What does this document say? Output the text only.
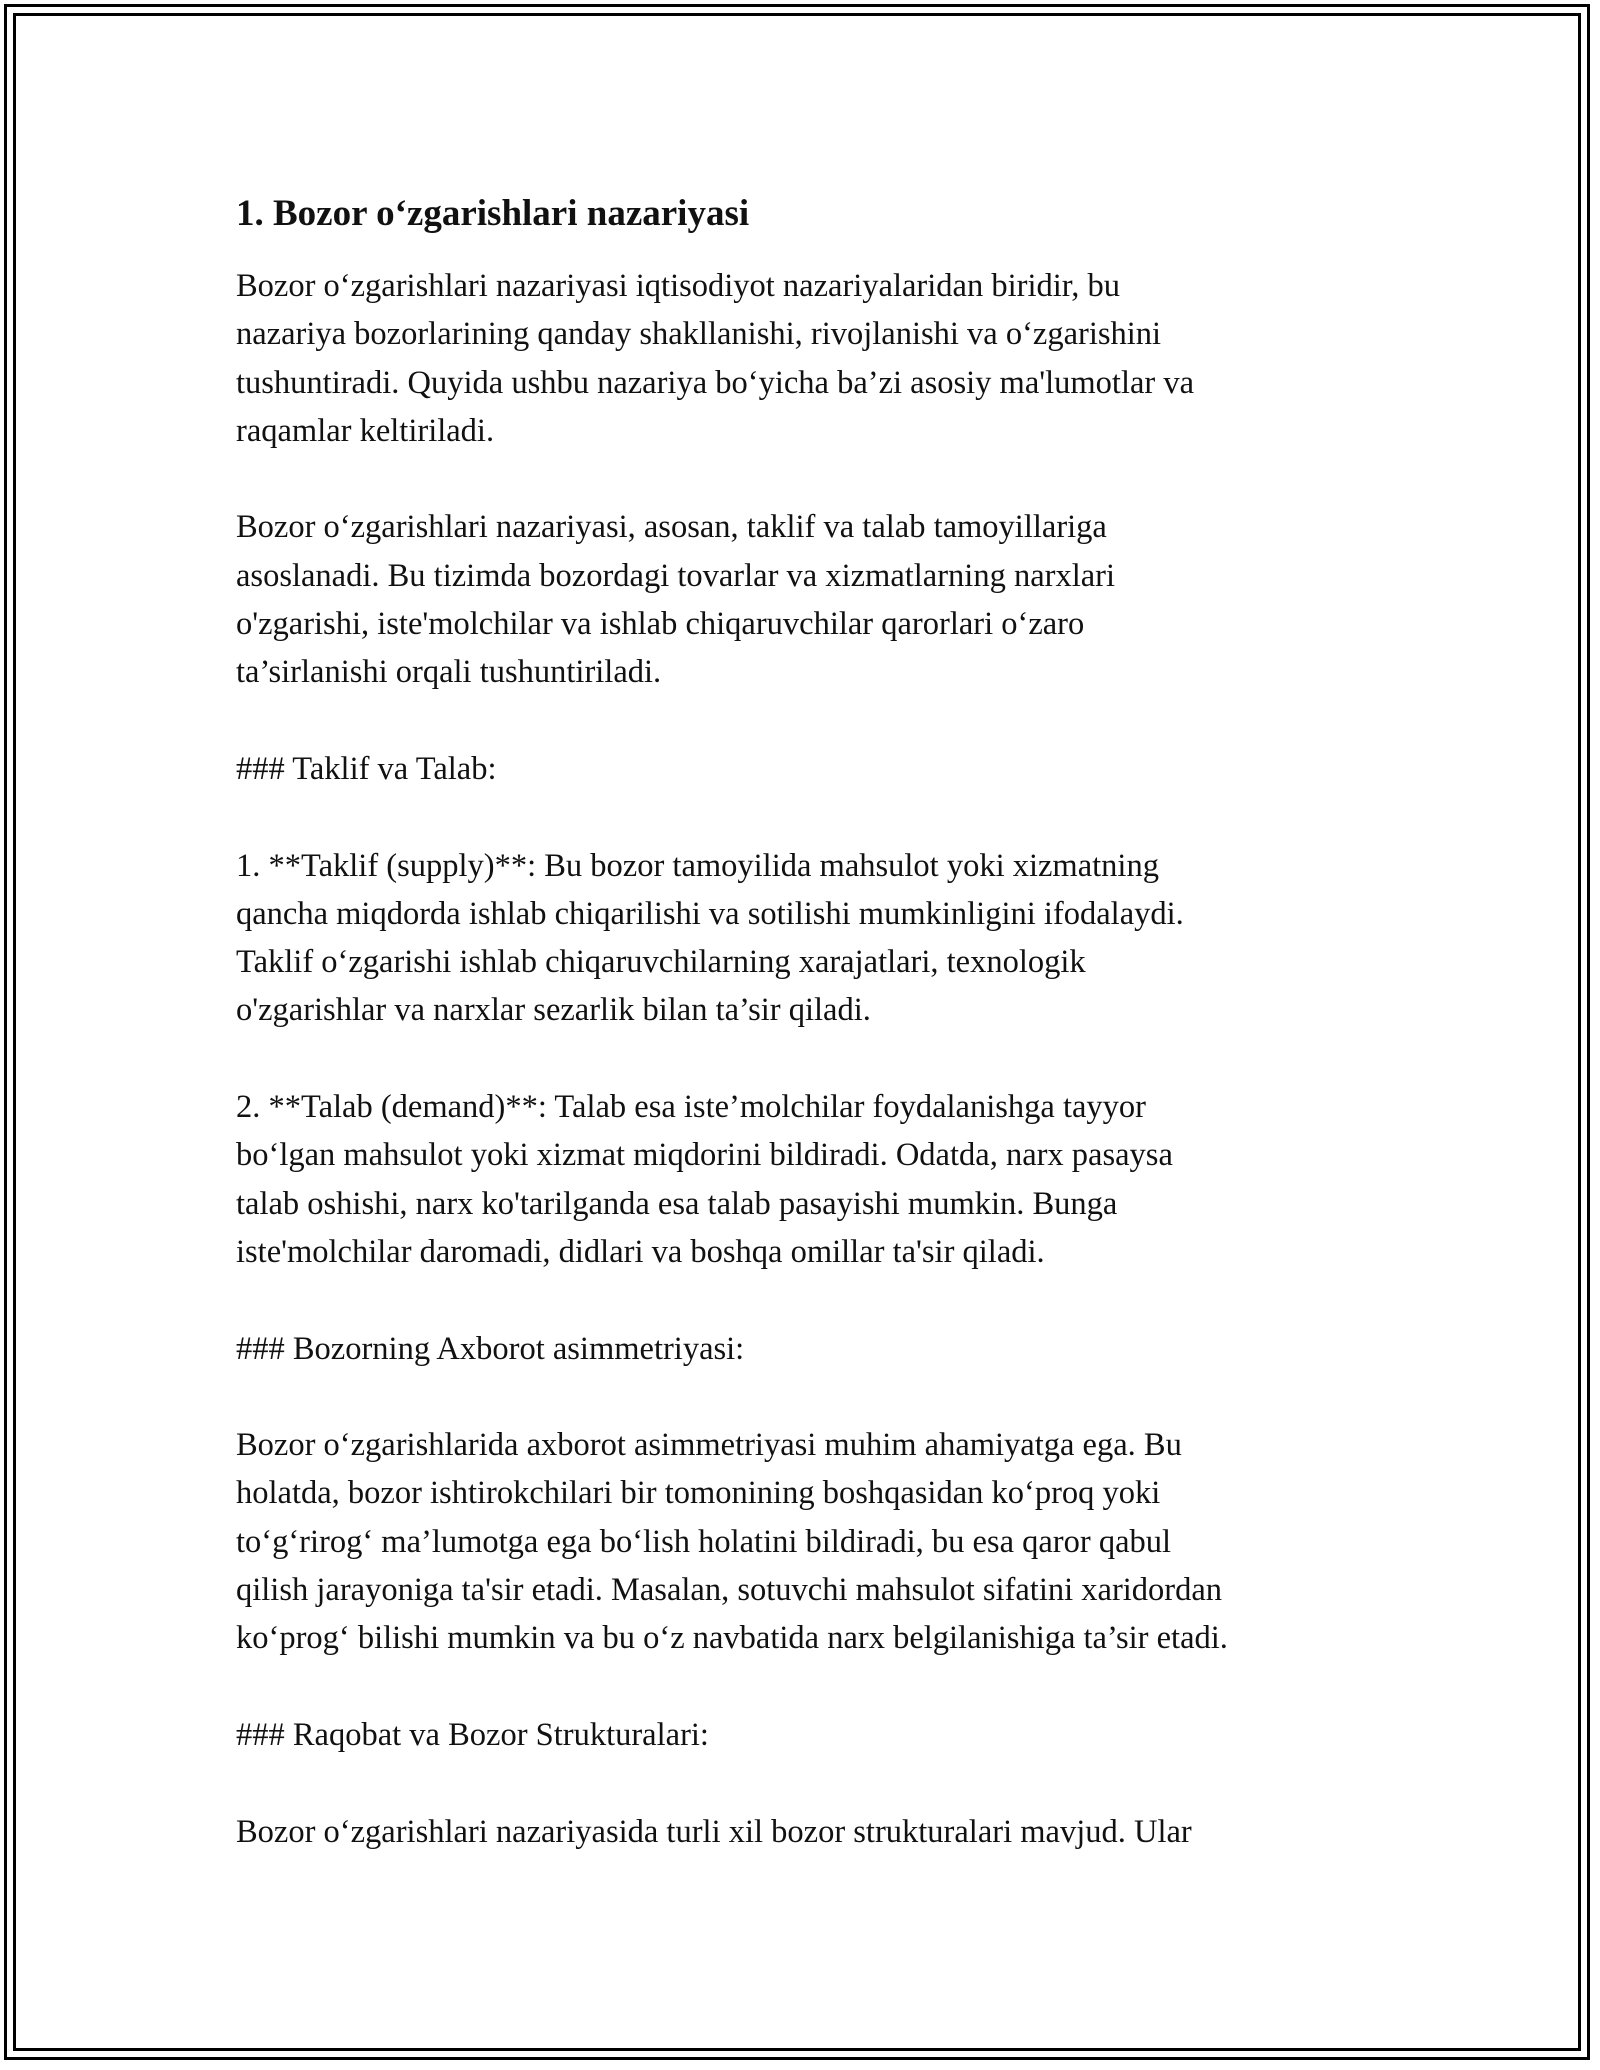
1. Bozor o‘zgarishlari nazariyasi

Bozor o‘zgarishlari nazariyasi iqtisodiyot nazariyalaridan biridir, bu
nazariya bozorlarining qanday shakllanishi, rivojlanishi va o‘zgarishini
tushuntiradi. Quyida ushbu nazariya bo‘yicha ba’zi asosiy ma'lumotlar va
raqamlar keltiriladi.

Bozor o‘zgarishlari nazariyasi, asosan, taklif va talab tamoyillariga
asoslanadi. Bu tizimda bozordagi tovarlar va xizmatlarning narxlari
o'zgarishi, iste'molchilar va ishlab chiqaruvchilar qarorlari o‘zaro
ta’sirlanishi orqali tushuntiriladi.

### Taklif va Talab:

1. **Taklif (supply)**: Bu bozor tamoyilida mahsulot yoki xizmatning
qancha miqdorda ishlab chiqarilishi va sotilishi mumkinligini ifodalaydi.
Taklif o‘zgarishi ishlab chiqaruvchilarning xarajatlari, texnologik
o'zgarishlar va narxlar sezarlik bilan ta’sir qiladi.

2. **Talab (demand)**: Talab esa iste’molchilar foydalanishga tayyor
bo‘lgan mahsulot yoki xizmat miqdorini bildiradi. Odatda, narx pasaysa
talab oshishi, narx ko'tarilganda esa talab pasayishi mumkin. Bunga
iste'molchilar daromadi, didlari va boshqa omillar ta'sir qiladi.

### Bozorning Axborot asimmetriyasi:

Bozor o‘zgarishlarida axborot asimmetriyasi muhim ahamiyatga ega. Bu
holatda, bozor ishtirokchilari bir tomonining boshqasidan ko‘proq yoki
to‘g‘rirog‘ ma’lumotga ega bo‘lish holatini bildiradi, bu esa qaror qabul
qilish jarayoniga ta'sir etadi. Masalan, sotuvchi mahsulot sifatini xaridordan
ko‘prog‘ bilishi mumkin va bu o‘z navbatida narx belgilanishiga ta’sir etadi.

### Raqobat va Bozor Strukturalari:

Bozor o‘zgarishlari nazariyasida turli xil bozor strukturalari mavjud. Ular
